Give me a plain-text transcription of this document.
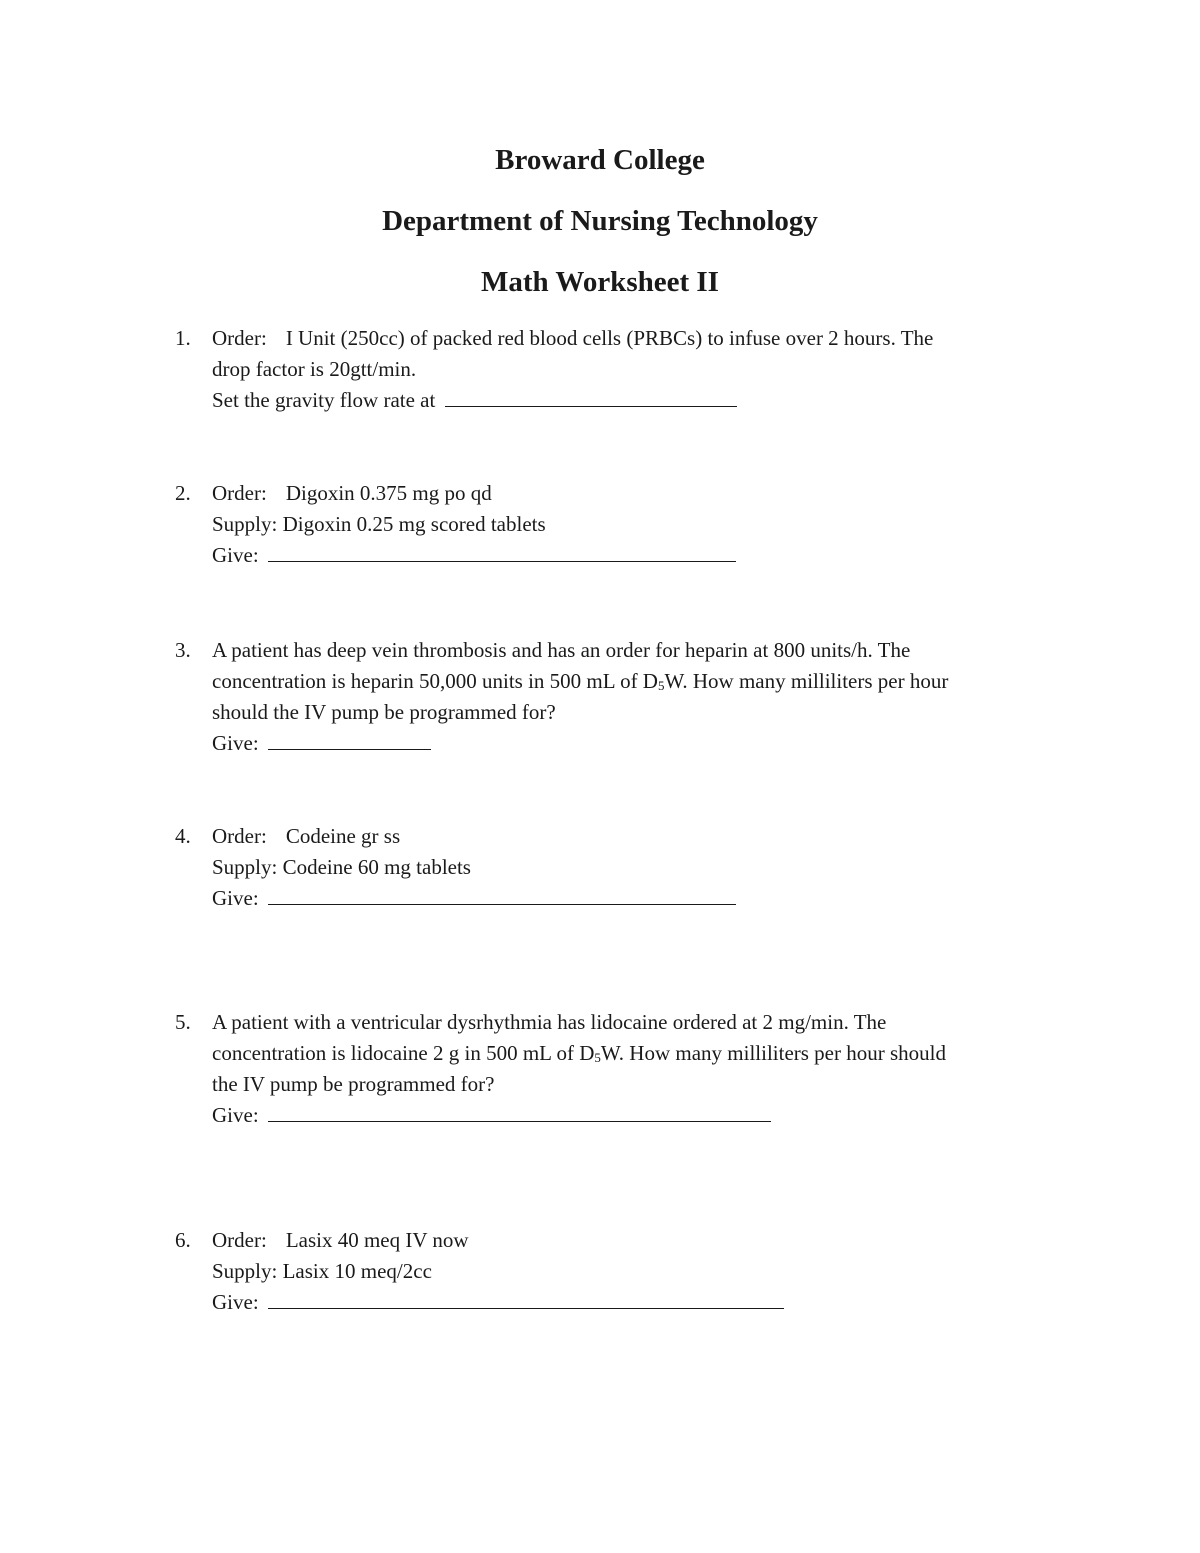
Broward College
Department of Nursing Technology
Math Worksheet II
1. Order: I Unit (250cc) of packed red blood cells (PRBCs) to infuse over 2 hours. The
drop factor is 20gtt/min.
Set the gravity flow rate at
2. Order: Digoxin 0.375 mg po qd
Supply: Digoxin 0.25 mg scored tablets
Give:
3. A patient has deep vein thrombosis and has an order for heparin at 800 units/h. The
concentration is heparin 50,000 units in 500 mL of $D_5W$. How many milliliters per hour
should the IV pump be programmed for?
Give:
4. Order: Codeine gr ss
Supply: Codeine 60 mg tablets
Give:
5. A patient with a ventricular dysrhythmia has lidocaine ordered at 2 mg/min. The
concentration is lidocaine 2 g in 500 mL of $D_5W$. How many milliliters per hour should
the IV pump be programmed for?
Give:
6. Order: Lasix 40 meq IV now
Supply: Lasix 10 meq/2cc
Give:
